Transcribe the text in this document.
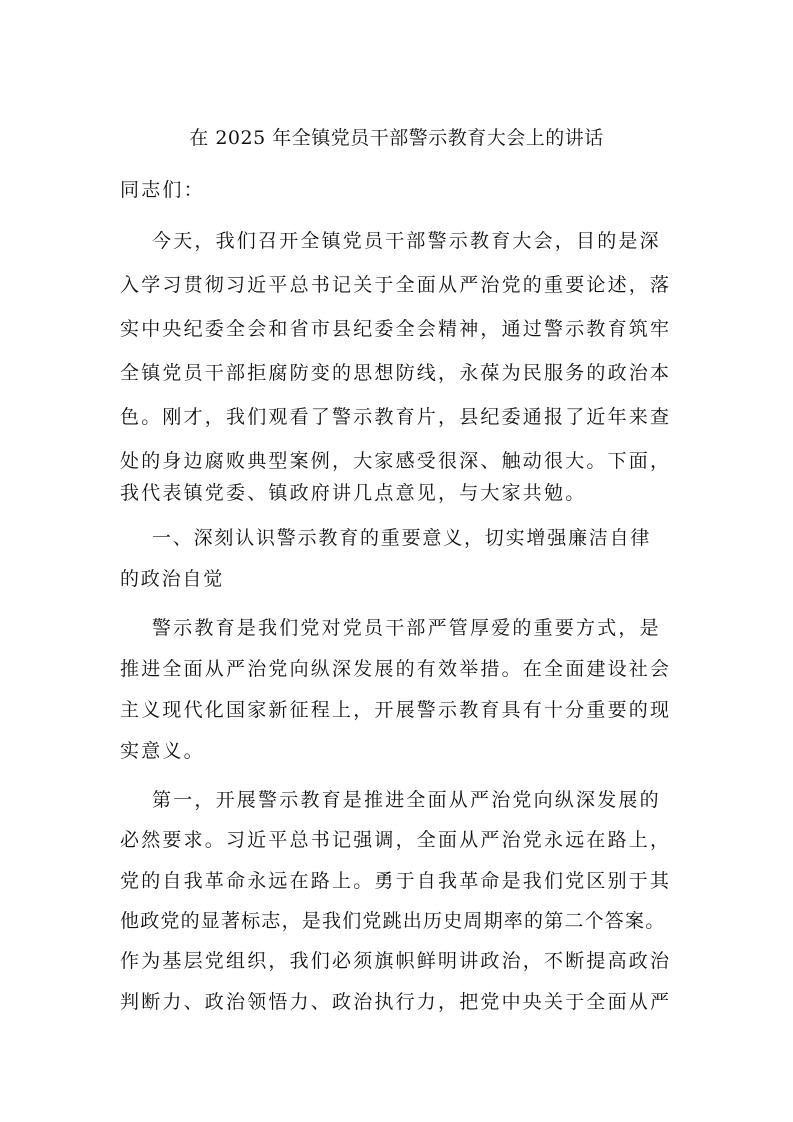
在 2025 年全镇党员干部警示教育大会上的讲话
同志们：
今天，我们召开全镇党员干部警示教育大会，目的是深
入学习贯彻习近平总书记关于全面从严治党的重要论述，落
实中央纪委全会和省市县纪委全会精神，通过警示教育筑牢
全镇党员干部拒腐防变的思想防线，永葆为民服务的政治本
色。刚才，我们观看了警示教育片，县纪委通报了近年来查
处的身边腐败典型案例，大家感受很深、触动很大。下面，
我代表镇党委、镇政府讲几点意见，与大家共勉。
一、深刻认识警示教育的重要意义，切实增强廉洁自律
的政治自觉
警示教育是我们党对党员干部严管厚爱的重要方式，是
推进全面从严治党向纵深发展的有效举措。在全面建设社会
主义现代化国家新征程上，开展警示教育具有十分重要的现
实意义。
第一，开展警示教育是推进全面从严治党向纵深发展的
必然要求。习近平总书记强调，全面从严治党永远在路上，
党的自我革命永远在路上。勇于自我革命是我们党区别于其
他政党的显著标志，是我们党跳出历史周期率的第二个答案。
作为基层党组织，我们必须旗帜鲜明讲政治，不断提高政治
判断力、政治领悟力、政治执行力，把党中央关于全面从严
